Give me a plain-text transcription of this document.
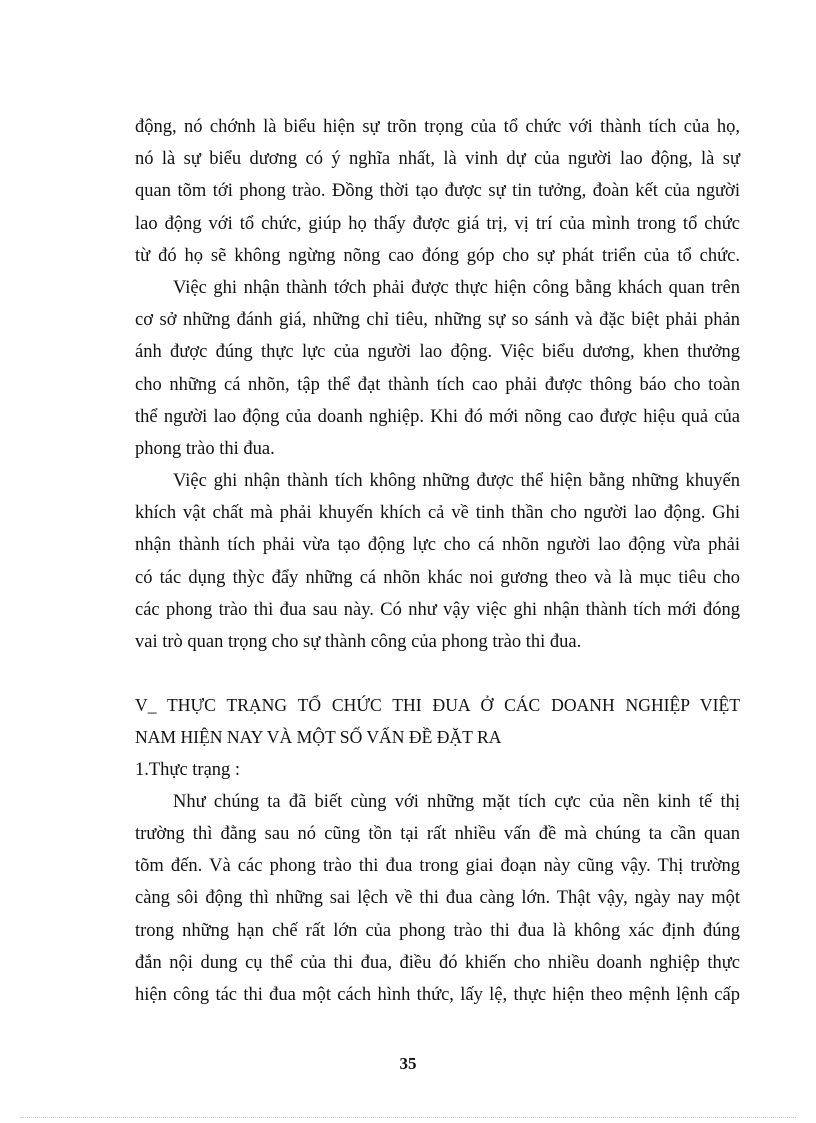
động, nó chớnh là biểu hiện sự trõn trọng của tổ chức với thành tích của họ,
nó là sự biểu dương có ý nghĩa nhất, là vinh dự của người lao động, là sự
quan tõm tới phong trào. Đồng thời tạo được sự tin tưởng, đoàn kết của người
lao động với tổ chức, giúp họ thấy được giá trị, vị trí của mình trong tổ chức
từ đó họ sẽ không ngừng nõng cao đóng góp cho sự phát triển của tổ chức.
Việc ghi nhận thành tớch phải được thực hiện công bằng khách quan trên
cơ sở những đánh giá, những chỉ tiêu, những sự so sánh và đặc biệt phải phản
ánh được đúng thực lực của người lao động. Việc biểu dương, khen thưởng
cho những cá nhõn, tập thể đạt thành tích cao phải được thông báo cho toàn
thể người lao động của doanh nghiệp. Khi đó mới nõng cao được hiệu quả của
phong trào thi đua.
Việc ghi nhận thành tích không những được thể hiện bằng những khuyến
khích vật chất mà phải khuyến khích cả về tinh thần cho người lao động. Ghi
nhận thành tích phải vừa tạo động lực cho cá nhõn người lao động vừa phải
có tác dụng thỳc đẩy những cá nhõn khác noi gương theo và là mục tiêu cho
các phong trào thi đua sau này. Có như vậy việc ghi nhận thành tích mới đóng
vai trò quan trọng cho sự thành công của phong trào thi đua.
V_ THỰC TRẠNG TỔ CHỨC THI ĐUA Ở CÁC DOANH NGHIỆP VIỆT
NAM HIỆN NAY VÀ MỘT SỐ VẤN ĐỀ ĐẶT RA
1.Thực trạng :
Như chúng ta đã biết cùng với những mặt tích cực của nền kinh tế thị
trường thì đằng sau nó cũng tồn tại rất nhiều vấn đề mà chúng ta cần quan
tõm đến. Và các phong trào thi đua trong giai đoạn này cũng vậy. Thị trường
càng sôi động thì những sai lệch về thi đua càng lớn. Thật vậy, ngày nay một
trong những hạn chế rất lớn của phong trào thi đua là không xác định đúng
đắn nội dung cụ thể của thi đua, điều đó khiến cho nhiều doanh nghiệp thực
hiện công tác thi đua một cách hình thức, lấy lệ, thực hiện theo mệnh lệnh cấp
35
